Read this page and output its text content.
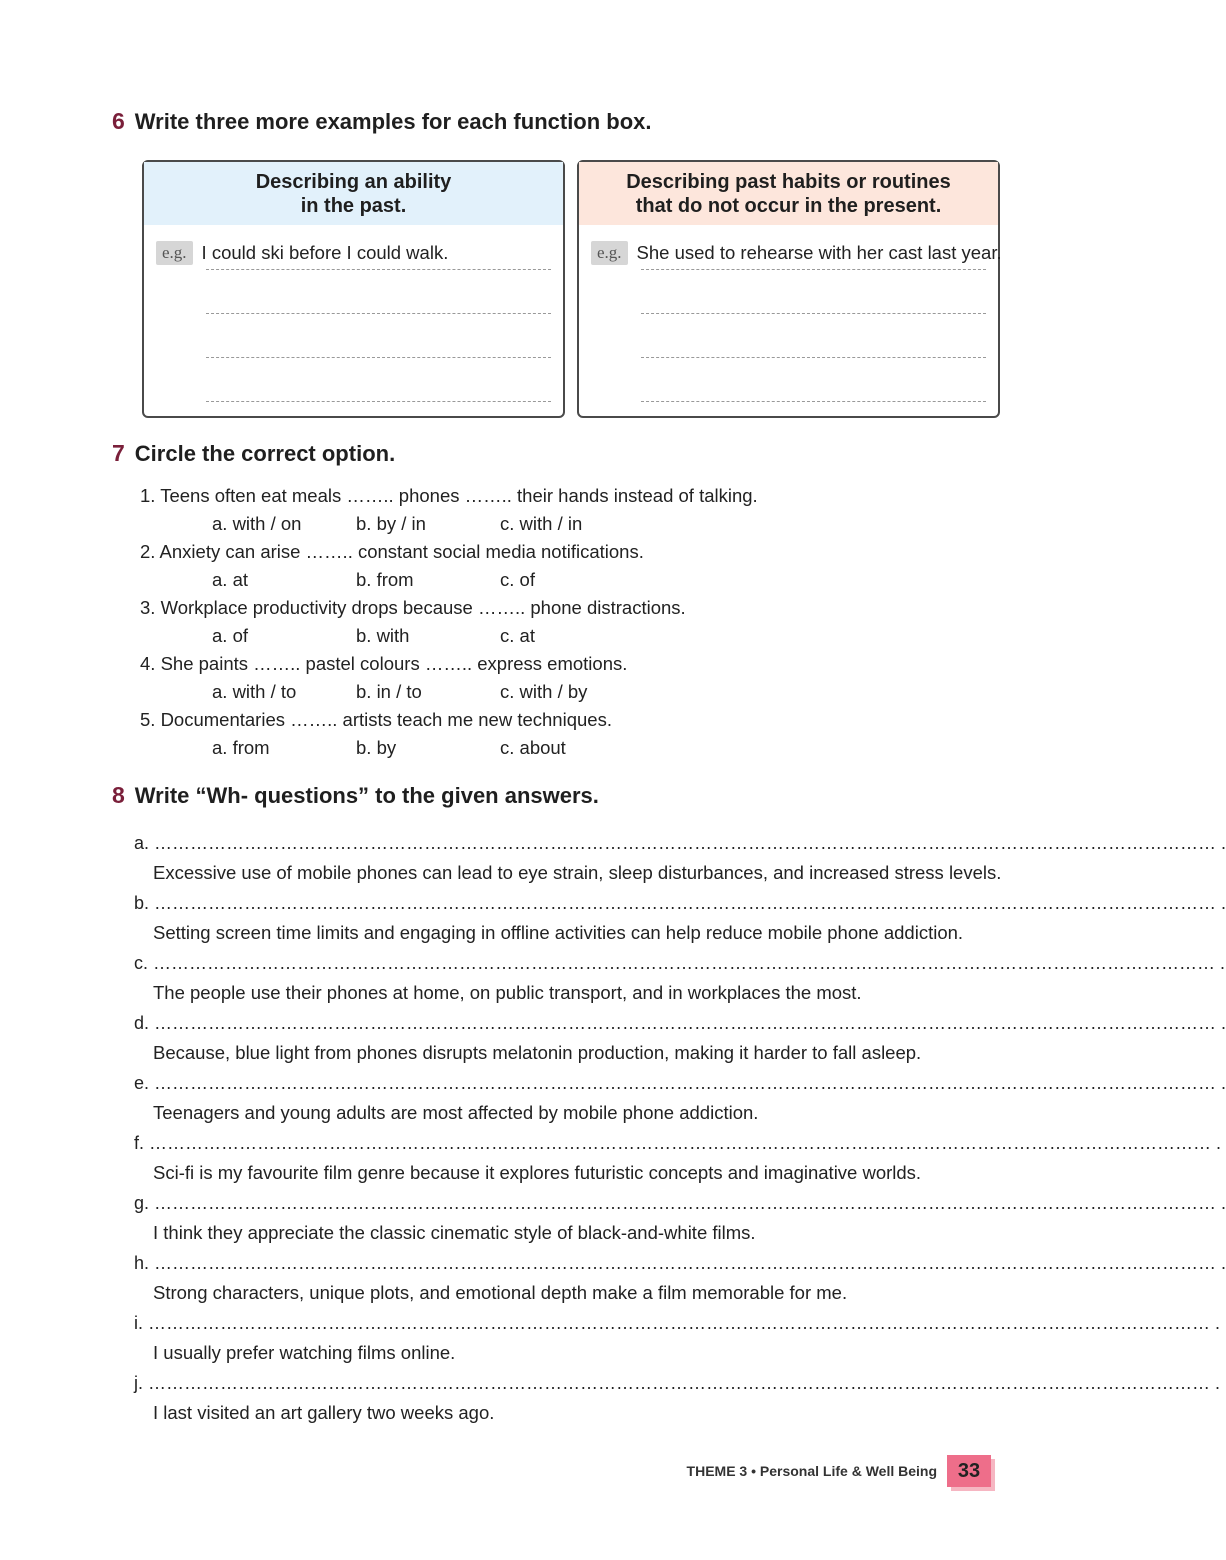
6 Write three more examples for each function box.
Describing an ability
in the past.
e.g. I could ski before I could walk.
Describing past habits or routines
that do not occur in the present.
e.g. She used to rehearse with her cast last year.
7 Circle the correct option.
1. Teens often eat meals …….. phones …….. their hands instead of talking.
a. with / on	b. by / in	c. with / in
2. Anxiety can arise …….. constant social media notifications.
a. at	b. from	c. of
3. Workplace productivity drops because …….. phone distractions.
a. of	b. with	c. at
4. She paints …….. pastel colours …….. express emotions.
a. with / to	b. in / to	c. with / by
5. Documentaries …….. artists teach me new techniques.
a. from	b. by	c. about
8 Write “Wh- questions” to the given answers.
a. …………………………………………………………………………………………………………………………………………………………… .
Excessive use of mobile phones can lead to eye strain, sleep disturbances, and increased stress levels.
b. …………………………………………………………………………………………………………………………………………………………… .
Setting screen time limits and engaging in offline activities can help reduce mobile phone addiction.
c. …………………………………………………………………………………………………………………………………………………………… .
The people use their phones at home, on public transport, and in workplaces the most.
d. …………………………………………………………………………………………………………………………………………………………… .
Because, blue light from phones disrupts melatonin production, making it harder to fall asleep.
e. …………………………………………………………………………………………………………………………………………………………… .
Teenagers and young adults are most affected by mobile phone addiction.
f. …………………………………………………………………………………………………………………………………………………………… .
Sci-fi is my favourite film genre because it explores futuristic concepts and imaginative worlds.
g. …………………………………………………………………………………………………………………………………………………………… .
I think they appreciate the classic cinematic style of black-and-white films.
h. …………………………………………………………………………………………………………………………………………………………… .
Strong characters, unique plots, and emotional depth make a film memorable for me.
i. …………………………………………………………………………………………………………………………………………………………… .
I usually prefer watching films online.
j. …………………………………………………………………………………………………………………………………………………………… .
I last visited an art gallery two weeks ago.
THEME 3 • Personal Life & Well Being	33
